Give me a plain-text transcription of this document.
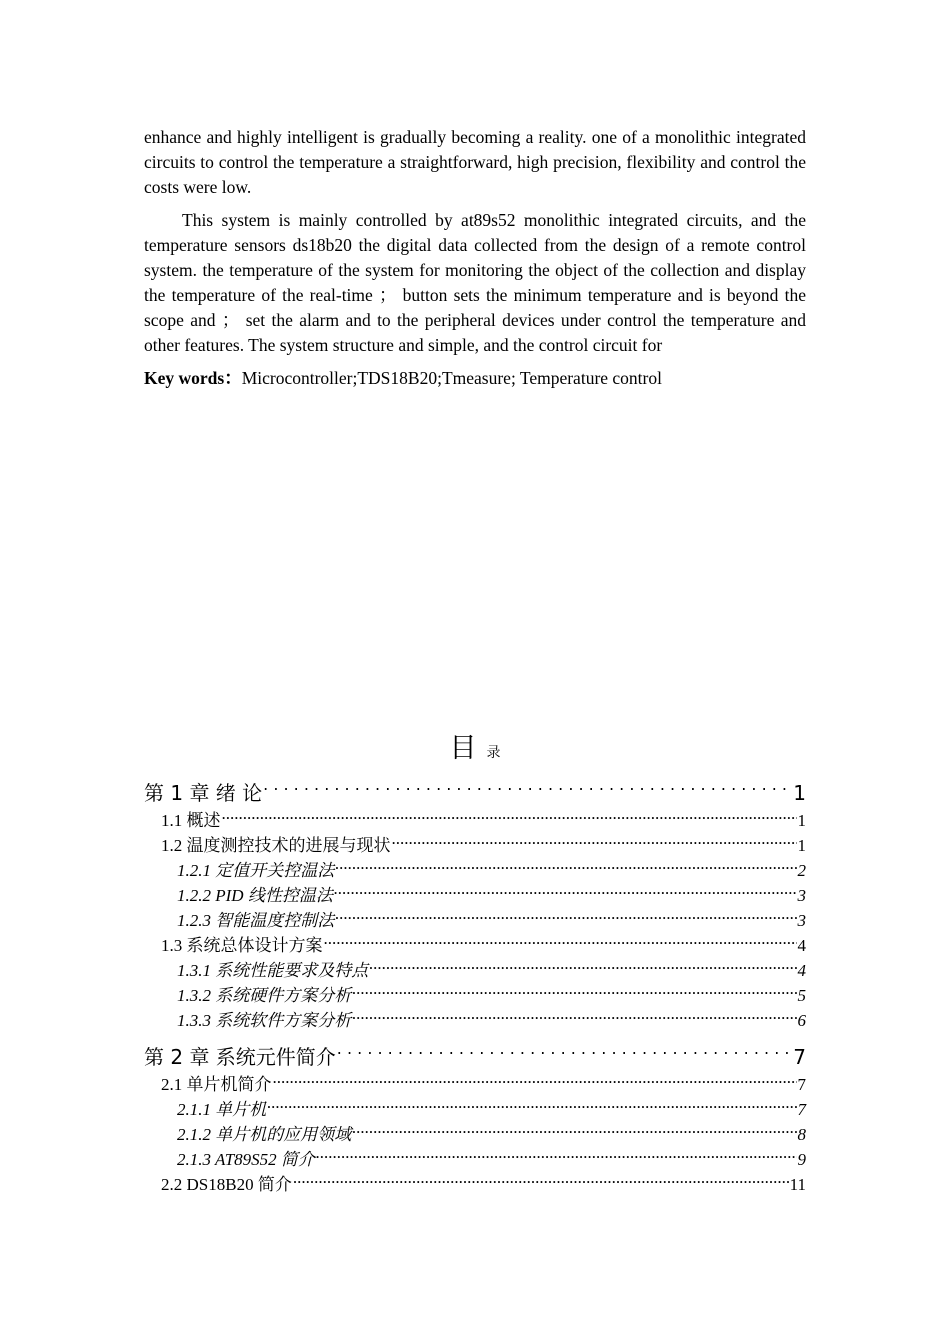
enhance and highly intelligent is gradually becoming a reality. one of a monolithic integrated circuits to control the temperature a straightforward, high precision, flexibility and control the costs were low.

This system is mainly controlled by at89s52 monolithic integrated circuits, and the temperature sensors ds18b20 the digital data collected from the design of a remote control system. the temperature of the system for monitoring the object of the collection and display the temperature of the real-time ； button sets the minimum temperature and is beyond the scope and ； set the alarm and to the peripheral devices under control the temperature and other features. The system structure and simple, and the control circuit for

Key words：Microcontroller;TDS18B20;Tmeasure; Temperature control
目录
第 1 章 绪 论 . . .	1
1.1 概述 .....	1
1.2 温度测控技术的进展与现状 .....	1
1.2.1 定值开关控温法 .....	2
1.2.2 PID 线性控温法 .....	3
1.2.3 智能温度控制法 .....	3
1.3 系统总体设计方案 .....	4
1.3.1 系统性能要求及特点 .....	4
1.3.2 系统硬件方案分析 .....	5
1.3.3 系统软件方案分析 .....	6
第 2 章 系统元件简介 . . .	7
2.1 单片机简介 .....	7
2.1.1 单片机 .....	7
2.1.2 单片机的应用领域 .....	8
2.1.3 AT89S52 简介 .....	9
2.2 DS18B20 简介 .....	11
